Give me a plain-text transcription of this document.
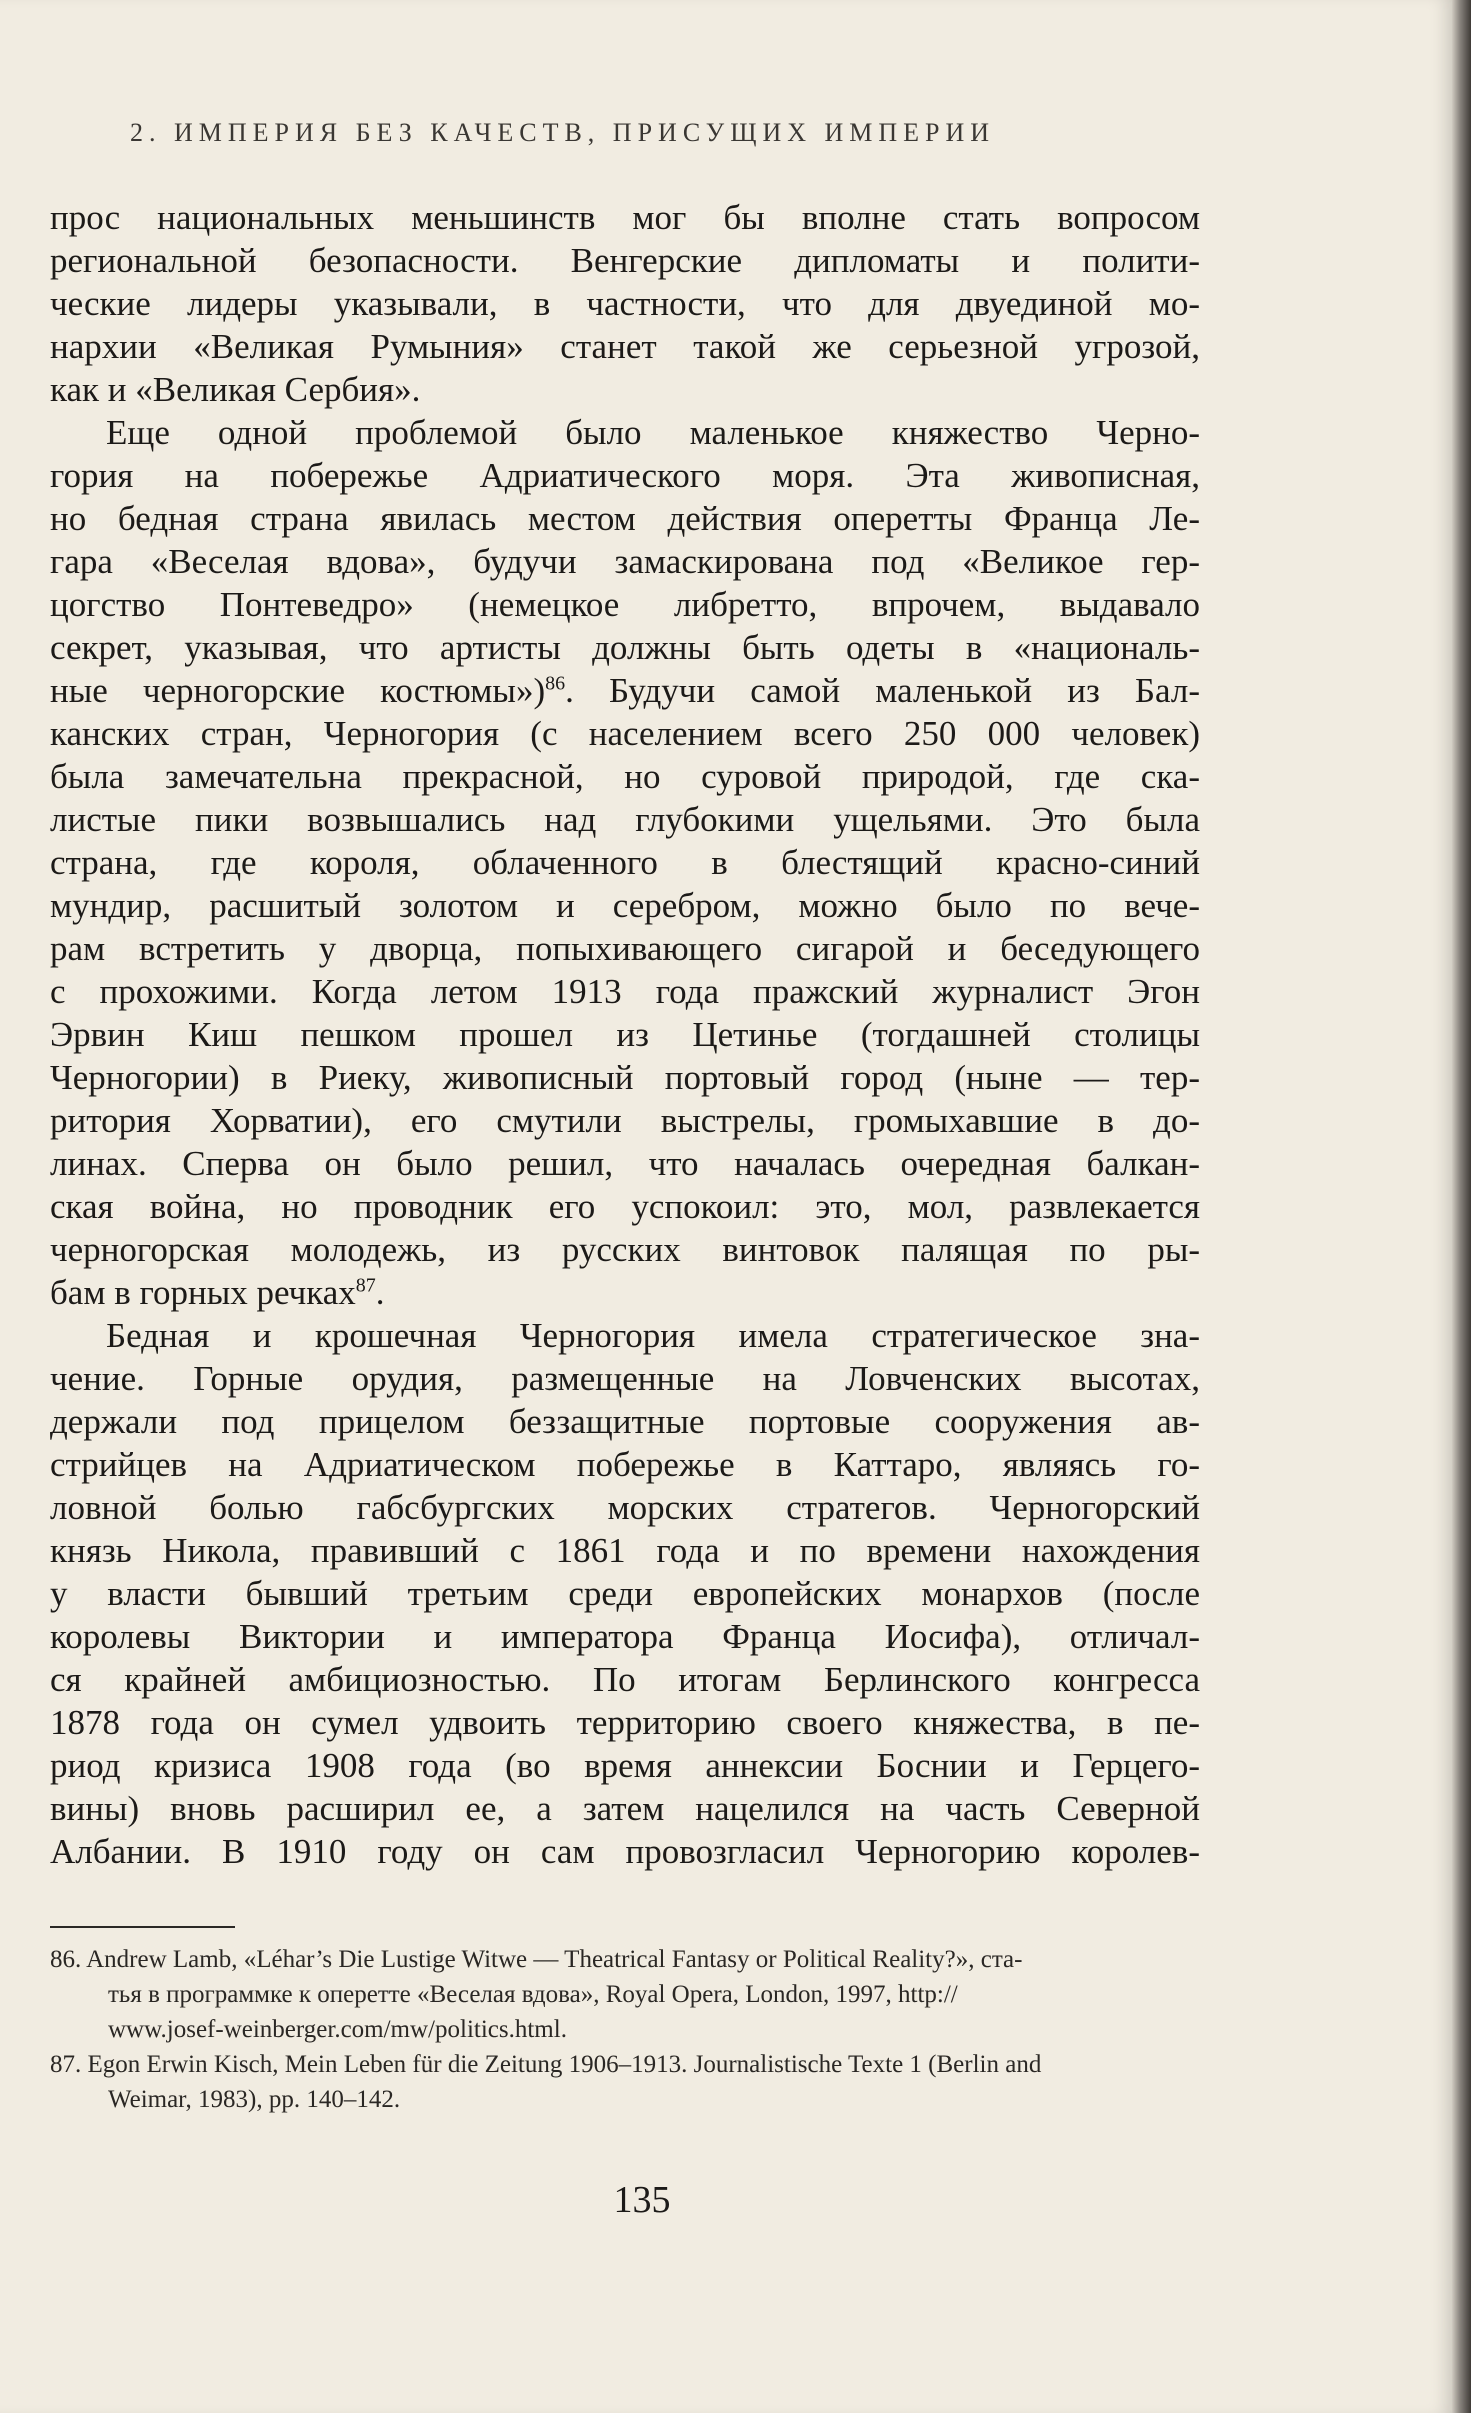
2. ИМПЕРИЯ БЕЗ КАЧЕСТВ, ПРИСУЩИХ ИМПЕРИИ
прос национальных меньшинств мог бы вполне стать вопросом
региональной безопасности. Венгерские дипломаты и полити-
ческие лидеры указывали, в частности, что для двуединой мо-
нархии «Великая Румыния» станет такой же серьезной угрозой,
как и «Великая Сербия».
Еще одной проблемой было маленькое княжество Черно-
гория на побережье Адриатического моря. Эта живописная,
но бедная страна явилась местом действия оперетты Франца Ле-
гара «Веселая вдова», будучи замаскирована под «Великое гер-
цогство Понтеведро» (немецкое либретто, впрочем, выдавало
секрет, указывая, что артисты должны быть одеты в «националь-
ные черногорские костюмы»)$^{86}$. Будучи самой маленькой из Бал-
канских стран, Черногория (с населением всего 250 000 человек)
была замечательна прекрасной, но суровой природой, где ска-
листые пики возвышались над глубокими ущельями. Это была
страна, где короля, облаченного в блестящий красно-синий
мундир, расшитый золотом и серебром, можно было по вече-
рам встретить у дворца, попыхивающего сигарой и беседующего
с прохожими. Когда летом 1913 года пражский журналист Эгон
Эрвин Киш пешком прошел из Цетинье (тогдашней столицы
Черногории) в Риеку, живописный портовый город (ныне — тер-
ритория Хорватии), его смутили выстрелы, громыхавшие в до-
линах. Сперва он было решил, что началась очередная балкан-
ская война, но проводник его успокоил: это, мол, развлекается
черногорская молодежь, из русских винтовок палящая по ры-
бам в горных речках$^{87}$.
Бедная и крошечная Черногория имела стратегическое зна-
чение. Горные орудия, размещенные на Ловченских высотах,
держали под прицелом беззащитные портовые сооружения ав-
стрийцев на Адриатическом побережье в Каттаро, являясь го-
ловной болью габсбургских морских стратегов. Черногорский
князь Никола, правивший с 1861 года и по времени нахождения
у власти бывший третьим среди европейских монархов (после
королевы Виктории и императора Франца Иосифа), отличал-
ся крайней амбициозностью. По итогам Берлинского конгресса
1878 года он сумел удвоить территорию своего княжества, в пе-
риод кризиса 1908 года (во время аннексии Боснии и Герцего-
вины) вновь расширил ее, а затем нацелился на часть Северной
Албании. В 1910 году он сам провозгласил Черногорию королев-
86. Andrew Lamb, «Léhar’s Die Lustige Witwe — Theatrical Fantasy or Political Reality?», ста-
тья в программке к оперетте «Веселая вдова», Royal Opera, London, 1997, http://
www.josef-weinberger.com/mw/politics.html.
87. Egon Erwin Kisch, Mein Leben für die Zeitung 1906–1913. Journalistische Texte 1 (Berlin and
Weimar, 1983), pp. 140–142.
135
